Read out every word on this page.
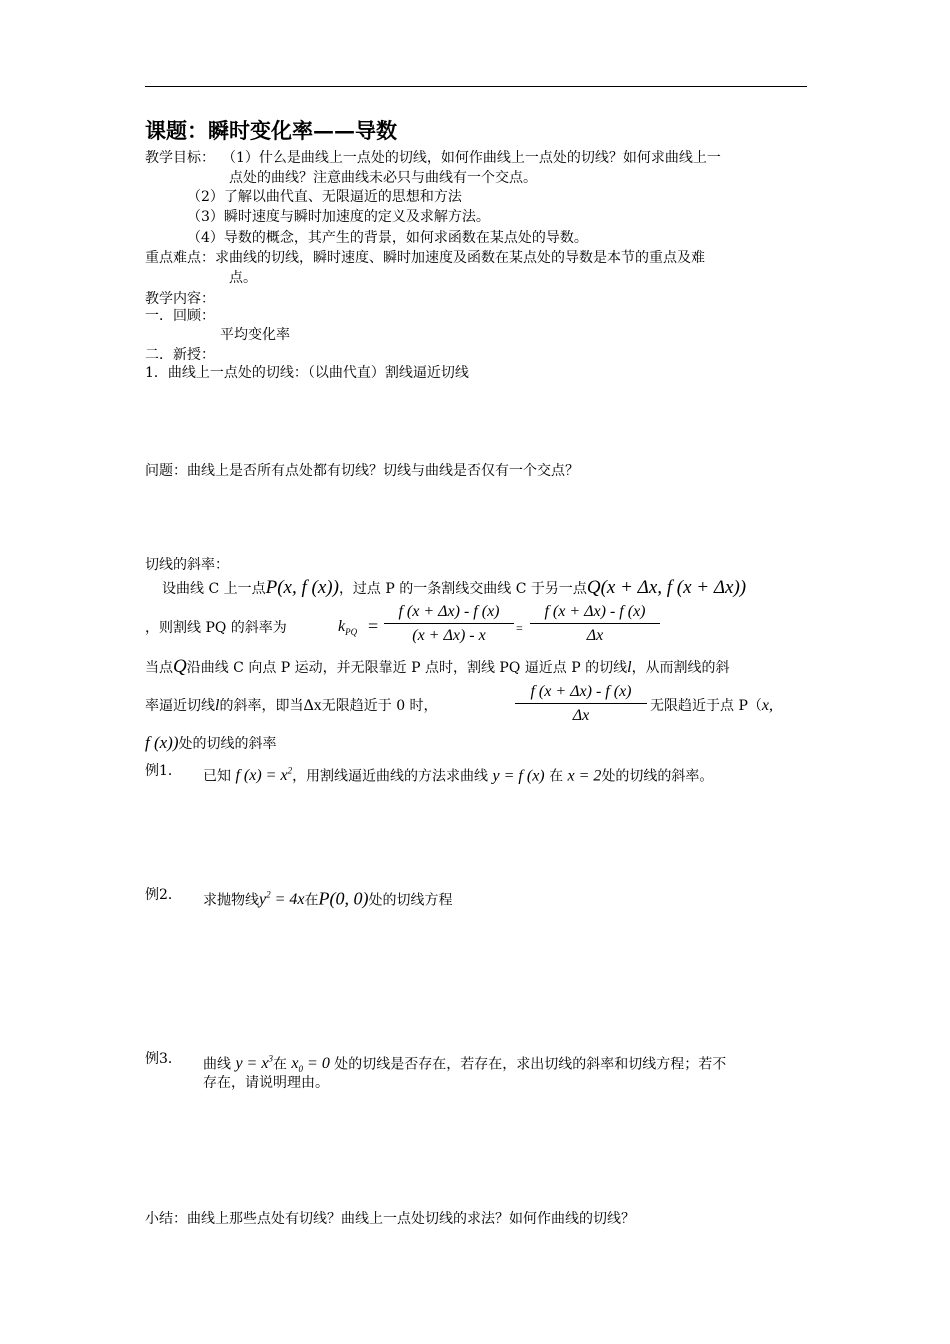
课题：瞬时变化率——导数
教学目标： （1）什么是曲线上一点处的切线，如何作曲线上一点处的切线？如何求曲线上一
点处的曲线？注意曲线未必只与曲线有一个交点。
（2）了解以曲代直、无限逼近的思想和方法
（3）瞬时速度与瞬时加速度的定义及求解方法。
（4）导数的概念，其产生的背景，如何求函数在某点处的导数。
重点难点：求曲线的切线，瞬时速度、瞬时加速度及函数在某点处的导数是本节的重点及难
点。
教学内容：
一．回顾：
平均变化率
二．新授：
1．曲线上一点处的切线：（以曲代直）割线逼近切线
问题：曲线上是否所有点处都有切线？切线与曲线是否仅有一个交点？
切线的斜率：
设曲线 C 上一点P(x, f (x))，过点 P 的一条割线交曲线 C 于另一点Q(x + Δx, f (x + Δx))
，则割线 PQ 的斜率为	$k_{PQ}$ =
f (x + Δx) - f (x)
(x + Δx) - x	=
f (x + Δx) - f (x)
Δx
当点Q沿曲线 C 向点 P 运动，并无限靠近 P 点时，割线 PQ 逼近点 P 的切线l，从而割线的斜
率逼近切线l的斜率，即当Δx无限趋近于 0 时，
f (x + Δx) - f (x)
Δx
无限趋近于点 P（x,
f (x))处的切线的斜率
例1． 已知 f $(x) = x^2$，用割线逼近曲线的方法求曲线 y = f (x) 在 x = 2处的切线的斜率。
例2． 求抛物线$y^2 = 4x$在P(0, 0)处的切线方程
例3． 曲线 $y = x^3$在 $x_0 = 0$ 处的切线是否存在，若存在，求出切线的斜率和切线方程；若不
存在，请说明理由。
小结：曲线上那些点处有切线？曲线上一点处切线的求法？如何作曲线的切线？
